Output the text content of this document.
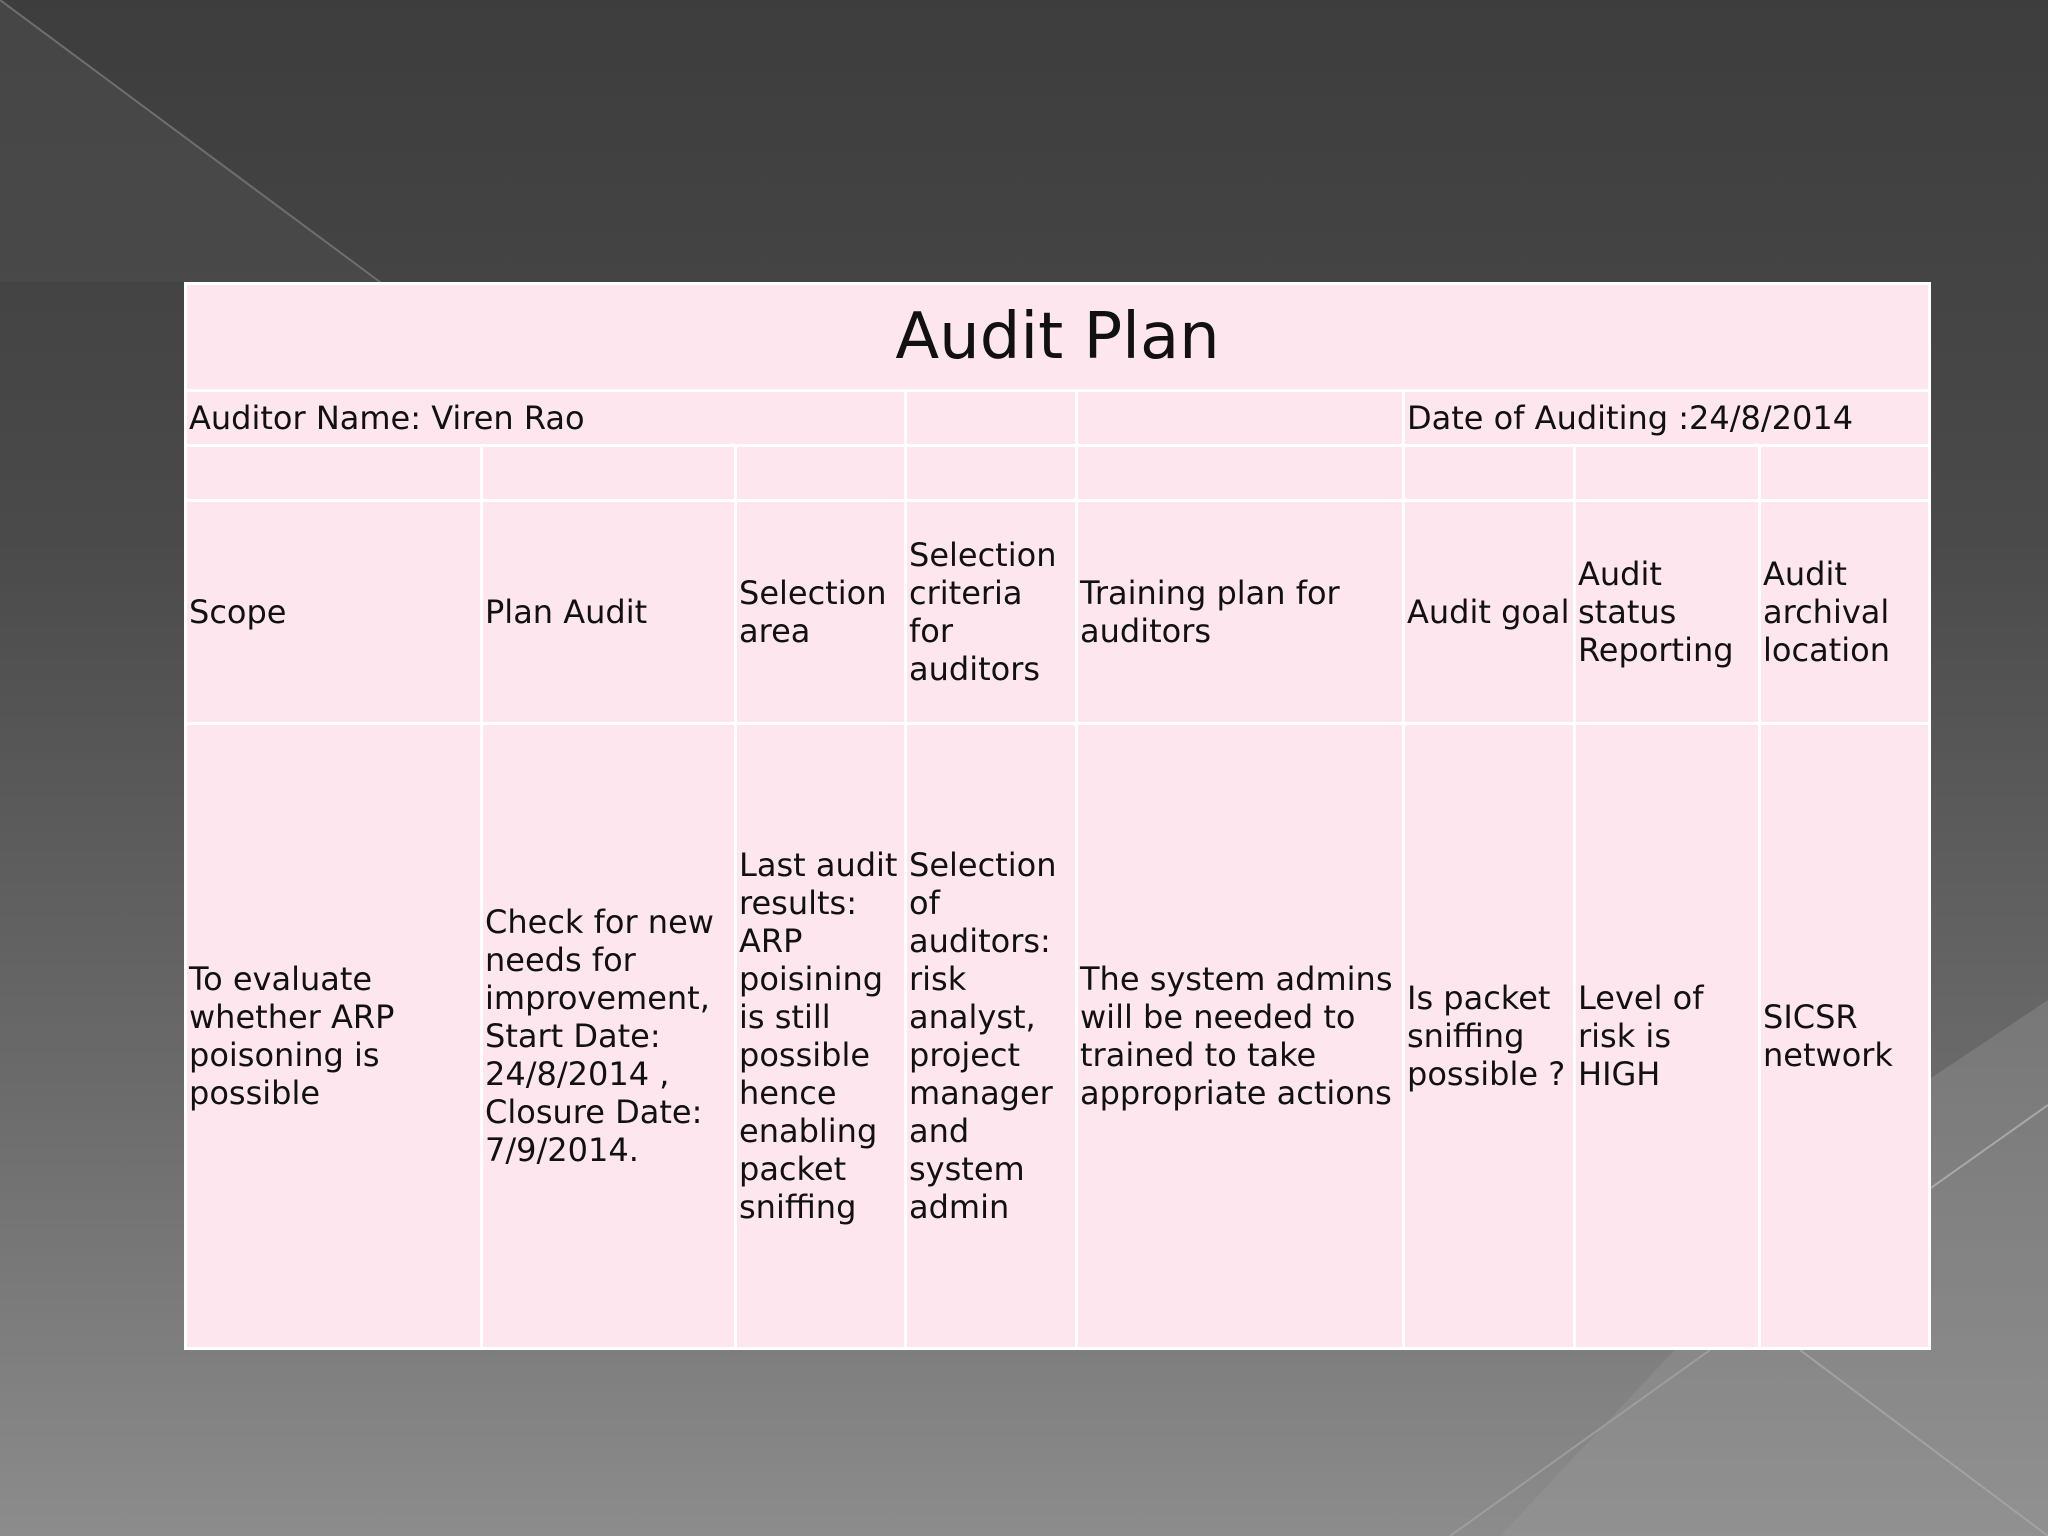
Audit Plan							
Auditor Name: Viren Rao					Date of Auditing :24/8/2014		

Scope	Plan Audit	Selection area	Selection criteria for auditors	Training plan for auditors	Audit goal	Audit status Reporting	Audit archival location
To evaluate whether ARP poisoning is possible	Check for new needs for improvement, Start Date: 24/8/2014 , Closure Date: 7/9/2014.	Last audit results: ARP poisining is still possible hence enabling packet sniffing	Selection of auditors: risk analyst, project manager and system admin	The system admins will be needed to trained to take appropriate actions	Is packet sniffing possible ?	Level of risk is HIGH	SICSR network
